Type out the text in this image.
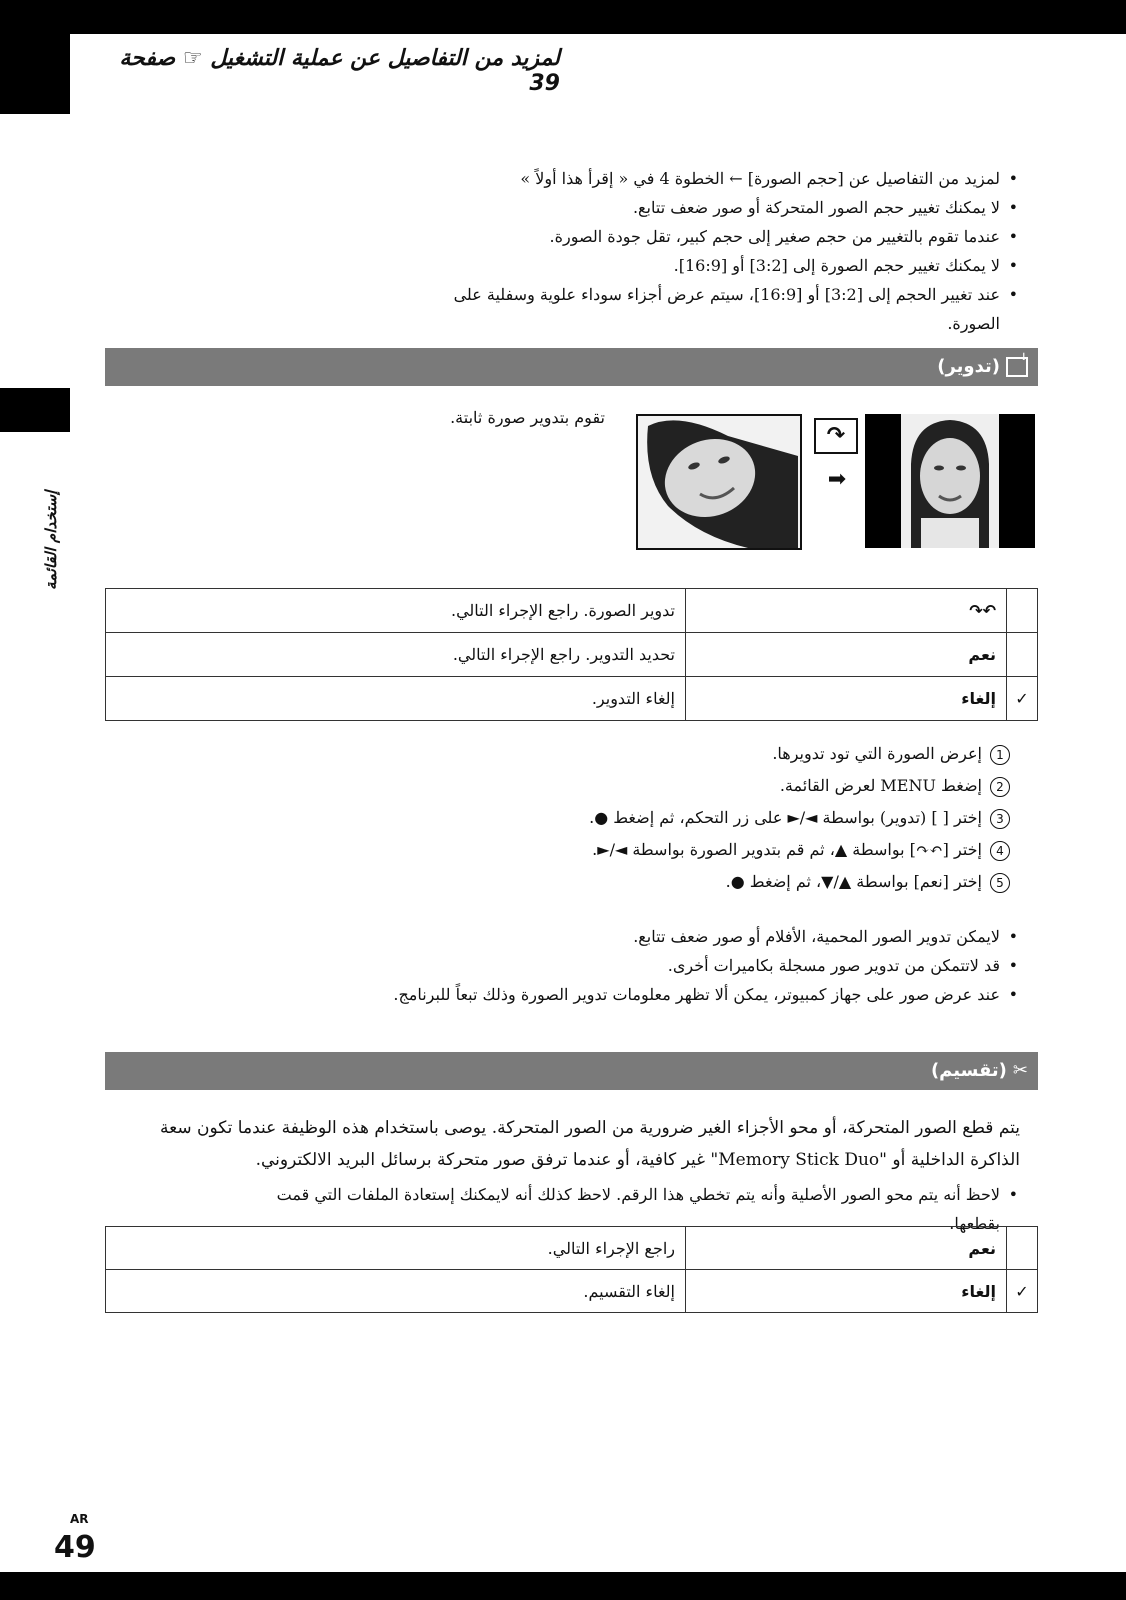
لمزيد من التفاصيل عن عملية التشغيل ☞ صفحة 39
إستخدام القائمة
• لمزيد من التفاصيل عن [حجم الصورة] ← الخطوة 4 في « إقرأ هذا أولاً »
• لا يمكنك تغيير حجم الصور المتحركة أو صور ضعف تتابع.
• عندما تقوم بالتغيير من حجم صغير إلى حجم كبير، تقل جودة الصورة.
• لا يمكنك تغيير حجم الصورة إلى [3:2] أو [16:9].
• عند تغيير الحجم إلى [3:2] أو [16:9]، سيتم عرض أجزاء سوداء علوية وسفلية على الصورة.
↓
(تدوير)
تقوم بتدوير صورة ثابتة.
↷
➡
	↶↷	تدوير الصورة. راجع الإجراء التالي.
	نعم	تحديد التدوير. راجع الإجراء التالي.
✓	إلغاء	إلغاء التدوير.
1إعرض الصورة التي تود تدويرها.
2إضغط MENU لعرض القائمة.
3إختر [ ] (تدوير) بواسطة ◄/► على زر التحكم، ثم إضغط ●.
4إختر [↶↷] بواسطة ▲، ثم قم بتدوير الصورة بواسطة ◄/►.
5إختر [نعم] بواسطة ▲/▼، ثم إضغط ●.
• لايمكن تدوير الصور المحمية، الأفلام أو صور ضعف تتابع.
• قد لاتتمكن من تدوير صور مسجلة بكاميرات أخرى.
• عند عرض صور على جهاز كمبيوتر، يمكن ألا تظهر معلومات تدوير الصورة وذلك تبعاً للبرنامج.
✂(تقسيم)
يتم قطع الصور المتحركة، أو محو الأجزاء الغير ضرورية من الصور المتحركة. يوصى باستخدام هذه الوظيفة عندما تكون سعة الذاكرة الداخلية أو "Memory Stick Duo" غير كافية، أو عندما ترفق صور متحركة برسائل البريد الالكتروني.
• لاحظ أنه يتم محو الصور الأصلية وأنه يتم تخطي هذا الرقم. لاحظ كذلك أنه لايمكنك إستعادة الملفات التي قمت بقطعها.
	نعم	راجع الإجراء التالي.
✓	إلغاء	إلغاء التقسيم.
AR
49
